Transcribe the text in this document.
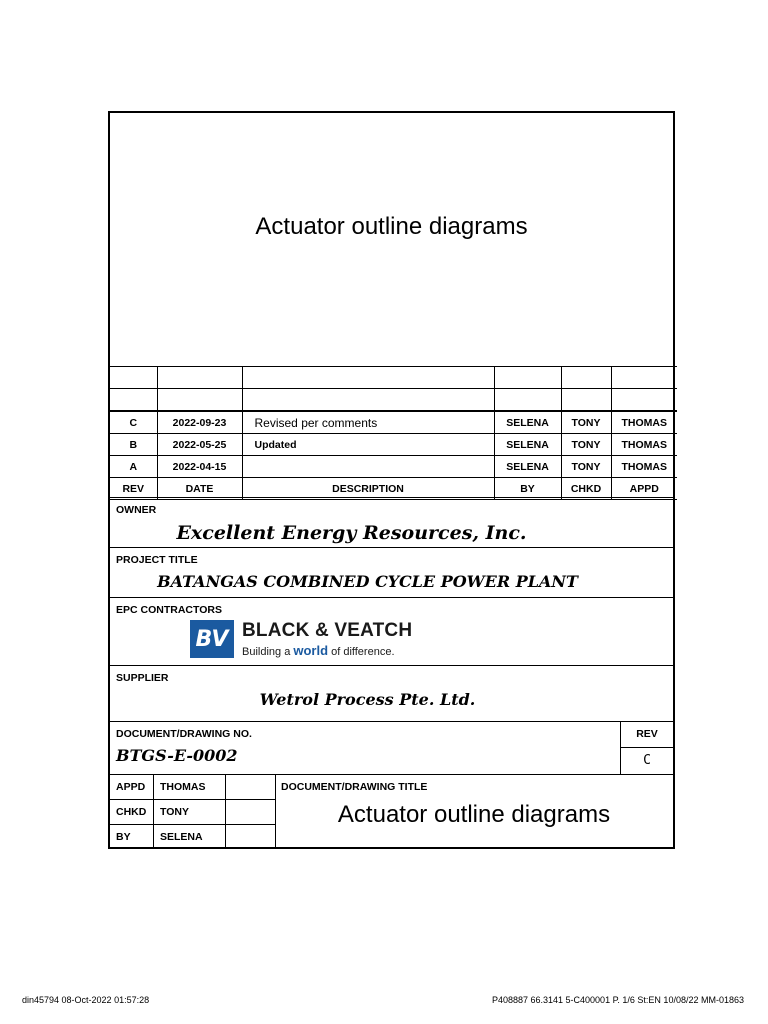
Actuator outline diagrams

C	2022-09-23	Revised per comments	SELENA	TONY	THOMAS
B	2022-05-25	Updated	SELENA	TONY	THOMAS
A	2022-04-15		SELENA	TONY	THOMAS
REV	DATE	DESCRIPTION	BY	CHKD	APPD
OWNER
Excellent Energy Resources, Inc.
PROJECT TITLE
BATANGAS COMBINED CYCLE POWER PLANT
EPC CONTRACTORS
BV BLACK & VEATCH
Building a world of difference.
SUPPLIER
Wetrol Process Pte. Ltd.
DOCUMENT/DRAWING NO.
BTGS-E-0002
REV
C
APPD THOMAS
CHKD TONY
BY	SELENA
DOCUMENT/DRAWING TITLE
Actuator outline diagrams
din45794 08-Oct-2022 01:57:28	P408887 66.3141 5-C400001 P. 1/6 St:EN 10/08/22 MM-01863
